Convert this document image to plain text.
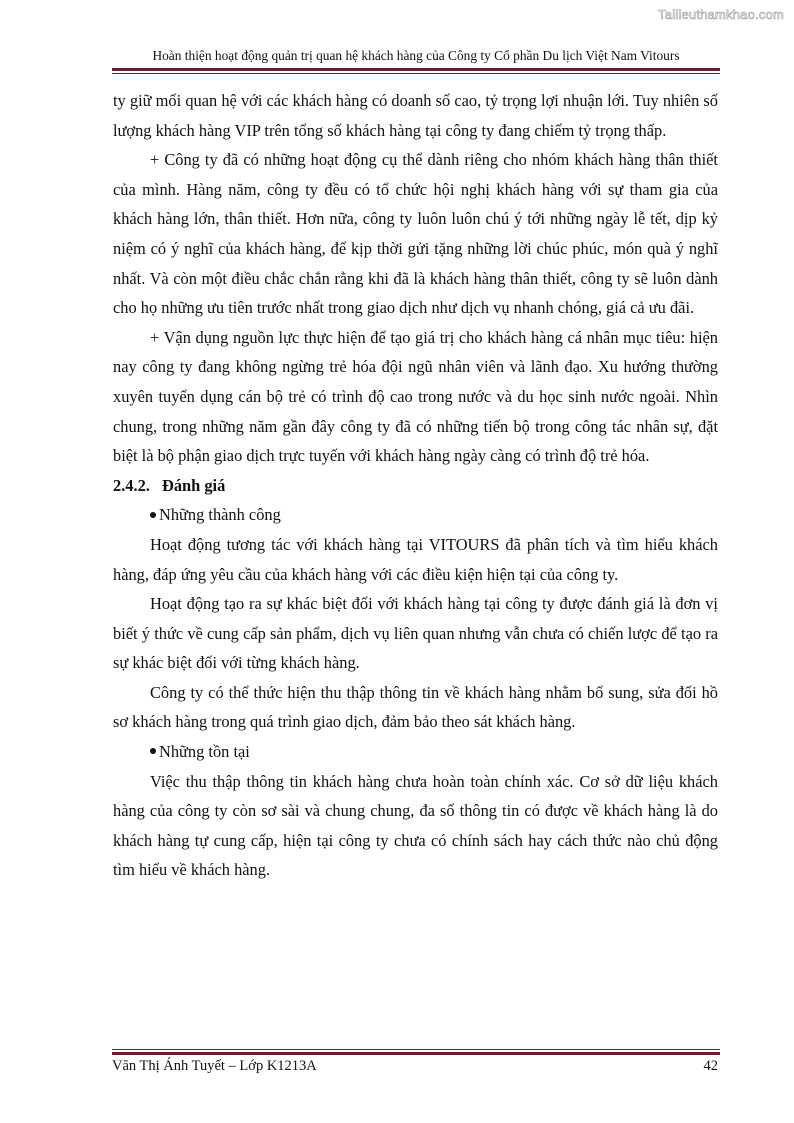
Tailieuthamkhao.com
Hoàn thiện hoạt động quản trị quan hệ khách hàng của Công ty Cổ phần Du lịch Việt Nam Vitours

ty giữ mối quan hệ với các khách hàng có doanh số cao, tỷ trọng lợi nhuận lới. Tuy nhiên số lượng khách hàng VIP trên tổng số khách hàng tại công ty đang chiếm tỷ trọng thấp.

+ Công ty đã có những hoạt động cụ thể dành riêng cho nhóm khách hàng thân thiết của mình. Hàng năm, công ty đều có tổ chức hội nghị khách hàng với sự tham gia của khách hàng lớn, thân thiết. Hơn nữa, công ty luôn luôn chú ý tới những ngày lễ tết, dịp kỷ niệm có ý nghĩ của khách hàng, để kịp thời gửi tặng những lời chúc phúc, món quà ý nghĩ nhất. Và còn một điều chắc chắn rằng khi đã là khách hàng thân thiết, công ty sẽ luôn dành cho họ những ưu tiên trước nhất trong giao dịch như dịch vụ nhanh chóng, giá cả ưu đãi.

+ Vận dụng nguồn lực thực hiện để tạo giá trị cho khách hàng cá nhân mục tiêu: hiện nay công ty đang không ngừng trẻ hóa đội ngũ nhân viên và lãnh đạo. Xu hướng thường xuyên tuyển dụng cán bộ trẻ có trình độ cao trong nước và du học sinh nước ngoài. Nhìn chung, trong những năm gần đây công ty đã có những tiến bộ trong công tác nhân sự, đặt biệt là bộ phận giao dịch trực tuyến với khách hàng ngày càng có trình độ trẻ hóa.

2.4.2. Đánh giá
Những thành công

Hoạt động tương tác với khách hàng tại VITOURS đã phân tích và tìm hiểu khách hàng, đáp ứng yêu cầu của khách hàng với các điều kiện hiện tại của công ty.

Hoạt động tạo ra sự khác biệt đối với khách hàng tại công ty được đánh giá là đơn vị biết ý thức về cung cấp sản phẩm, dịch vụ liên quan nhưng vẫn chưa có chiến lược để tạo ra sự khác biệt đối với từng khách hàng.

Công ty có thể thức hiện thu thập thông tin về khách hàng nhằm bổ sung, sửa đổi hồ sơ khách hàng trong quá trình giao dịch, đảm bảo theo sát khách hàng.

Những tồn tại

Việc thu thập thông tin khách hàng chưa hoàn toàn chính xác. Cơ sở dữ liệu khách hàng của công ty còn sơ sài và chung chung, đa số thông tin có được về khách hàng là do khách hàng tự cung cấp, hiện tại công ty chưa có chính sách hay cách thức nào chủ động tìm hiểu về khách hàng.

Văn Thị Ánh Tuyết – Lớp K1213A	42
